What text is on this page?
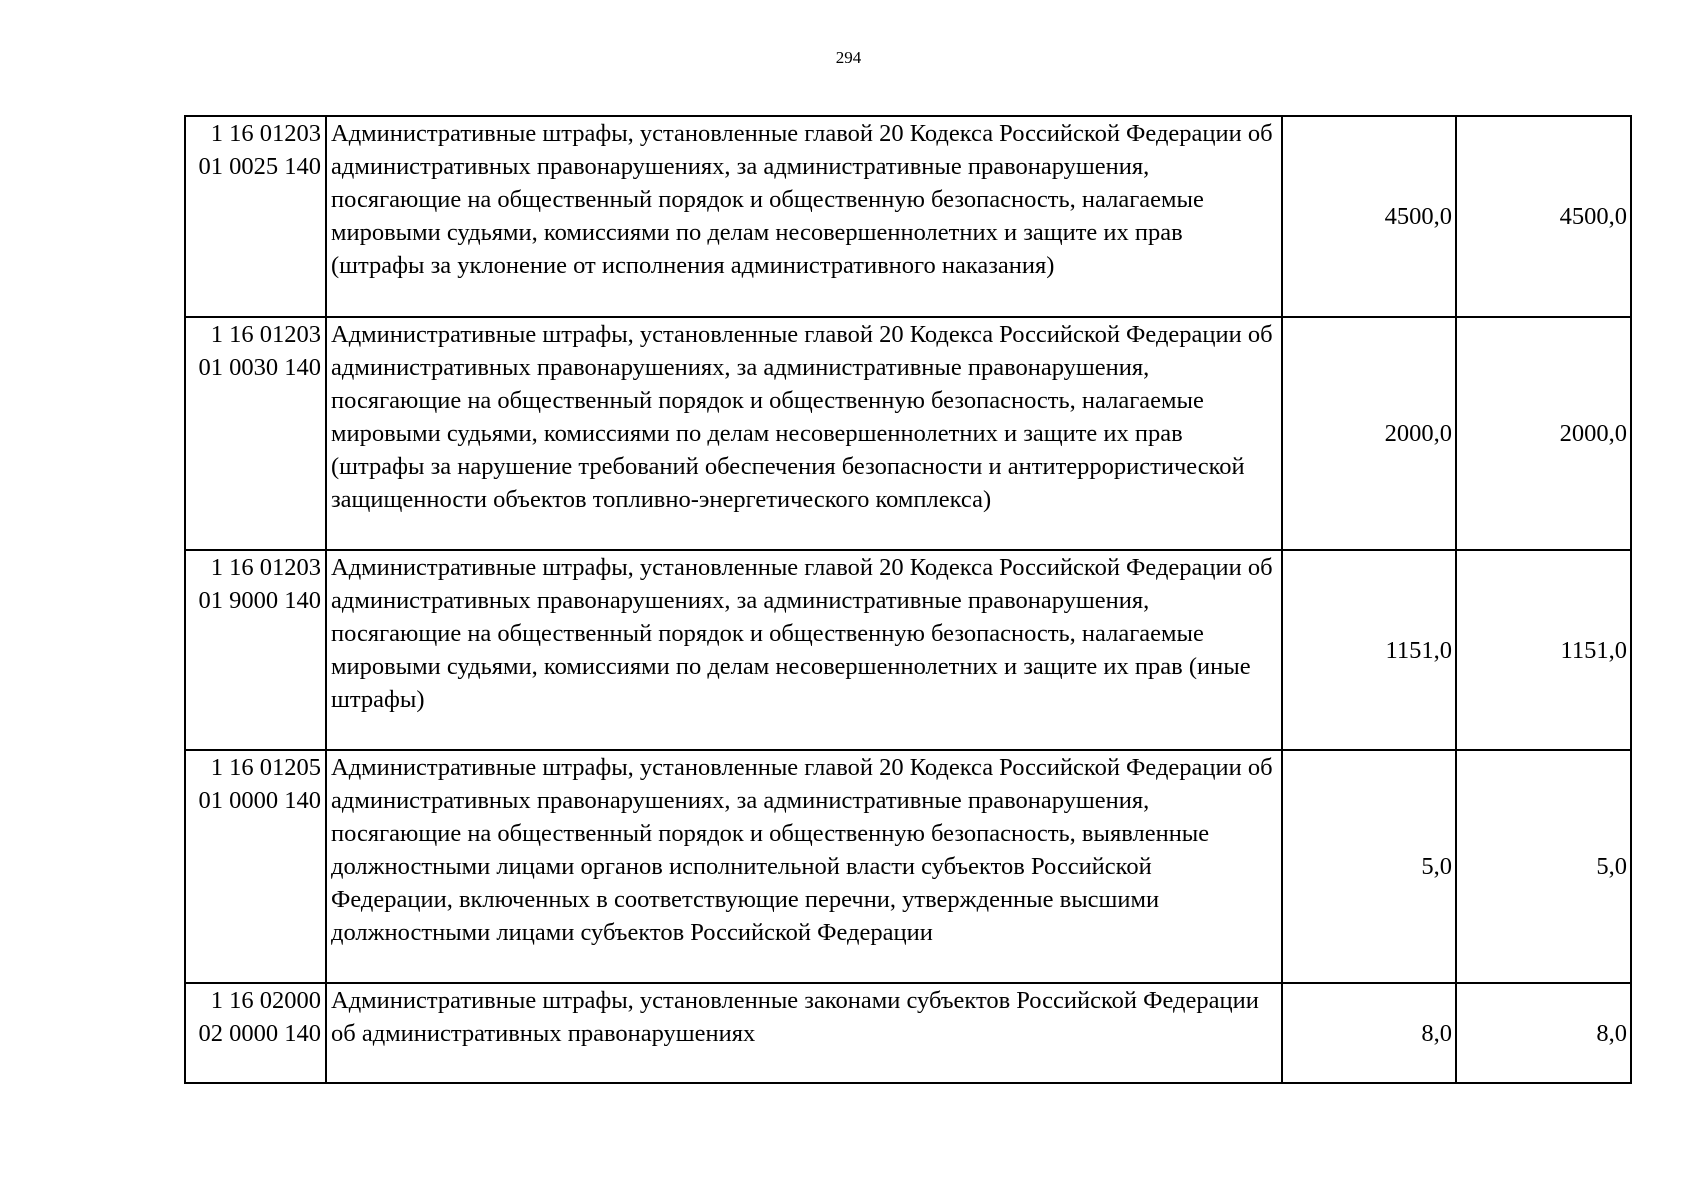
294
1 16 01203
01 0025 140	Административные штрафы, установленные главой 20 Кодекса Российской Федерации об административных правонарушениях, за административные правонарушения, посягающие на общественный порядок и общественную безопасность, налагаемые мировыми судьями, комиссиями по делам несовершеннолетних и защите их прав (штрафы за уклонение от исполнения административного наказания)	4500,0	4500,0
1 16 01203
01 0030 140	Административные штрафы, установленные главой 20 Кодекса Российской Федерации об административных правонарушениях, за административные правонарушения, посягающие на общественный порядок и общественную безопасность, налагаемые мировыми судьями, комиссиями по делам несовершеннолетних и защите их прав (штрафы за нарушение требований обеспечения безопасности и антитеррористической защищенности объектов топливно-энергетического комплекса)	2000,0	2000,0
1 16 01203
01 9000 140	Административные штрафы, установленные главой 20 Кодекса Российской Федерации об административных правонарушениях, за административные правонарушения, посягающие на общественный порядок и общественную безопасность, налагаемые мировыми судьями, комиссиями по делам несовершеннолетних и защите их прав (иные штрафы)	1151,0	1151,0
1 16 01205
01 0000 140	Административные штрафы, установленные главой 20 Кодекса Российской Федерации об административных правонарушениях, за административные правонарушения, посягающие на общественный порядок и общественную безопасность, выявленные должностными лицами органов исполнительной власти субъектов Российской Федерации, включенных в соответствующие перечни, утвержденные высшими должностными лицами субъектов Российской Федерации	5,0	5,0
1 16 02000
02 0000 140	Административные штрафы, установленные законами субъектов Российской Федерации об административных правонарушениях	8,0	8,0
